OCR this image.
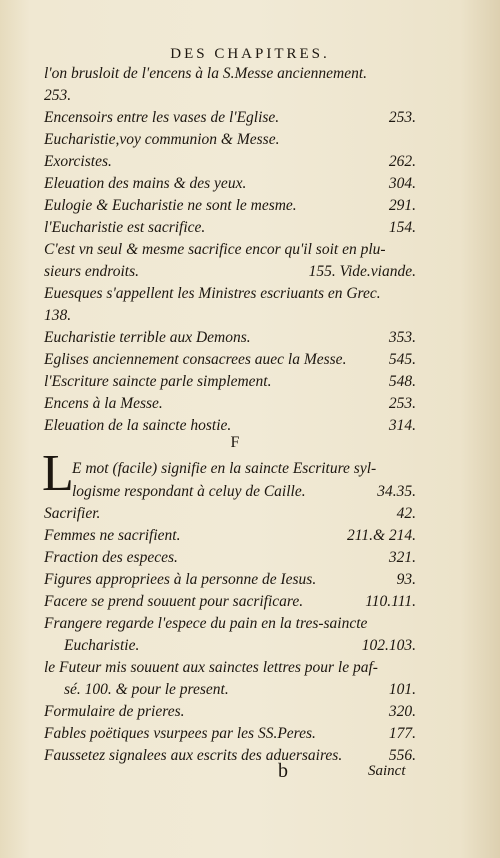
DES CHAPITRES.
l'on brusloit de l'encens à la S.Messe anciennement.
253.
Encensoirs entre les vases de l'Eglise.	253.
Eucharistie,voy communion & Messe.
Exorcistes.	262.
Eleuation des mains & des yeux.	304.
Eulogie & Eucharistie ne sont le mesme.	291.
l'Eucharistie est sacrifice.	154.
C'est vn seul & mesme sacrifice encor qu'il soit en plu-
sieurs endroits.	155. Vide.viande.
Euesques s'appellent les Ministres escriuants en Grec.
138.
Eucharistie terrible aux Demons.	353.
Eglises anciennement consacrees auec la Messe.	545.
l'Escriture saincte parle simplement.	548.
Encens à la Messe.	253.
Eleuation de la saincte hostie.	314.
F
L
E mot (facile) signifie en la saincte Escriture syl-
logisme respondant à celuy de Caille.	34.35.
Sacrifier.	42.
Femmes ne sacrifient.	211.& 214.
Fraction des especes.	321.
Figures appropriees à la personne de Iesus.	93.
Facere se prend souuent pour sacrificare.	110.111.
Frangere regarde l'espece du pain en la tres-saincte
Eucharistie.	102.103.
le Futeur mis souuent aux sainctes lettres pour le paf-
sé. 100. & pour le present.	101.
Formulaire de prieres.	320.
Fables poëtiques vsurpees par les SS.Peres.	177.
Faussetez signalees aux escrits des aduersaires.	556.
b	Sainct
